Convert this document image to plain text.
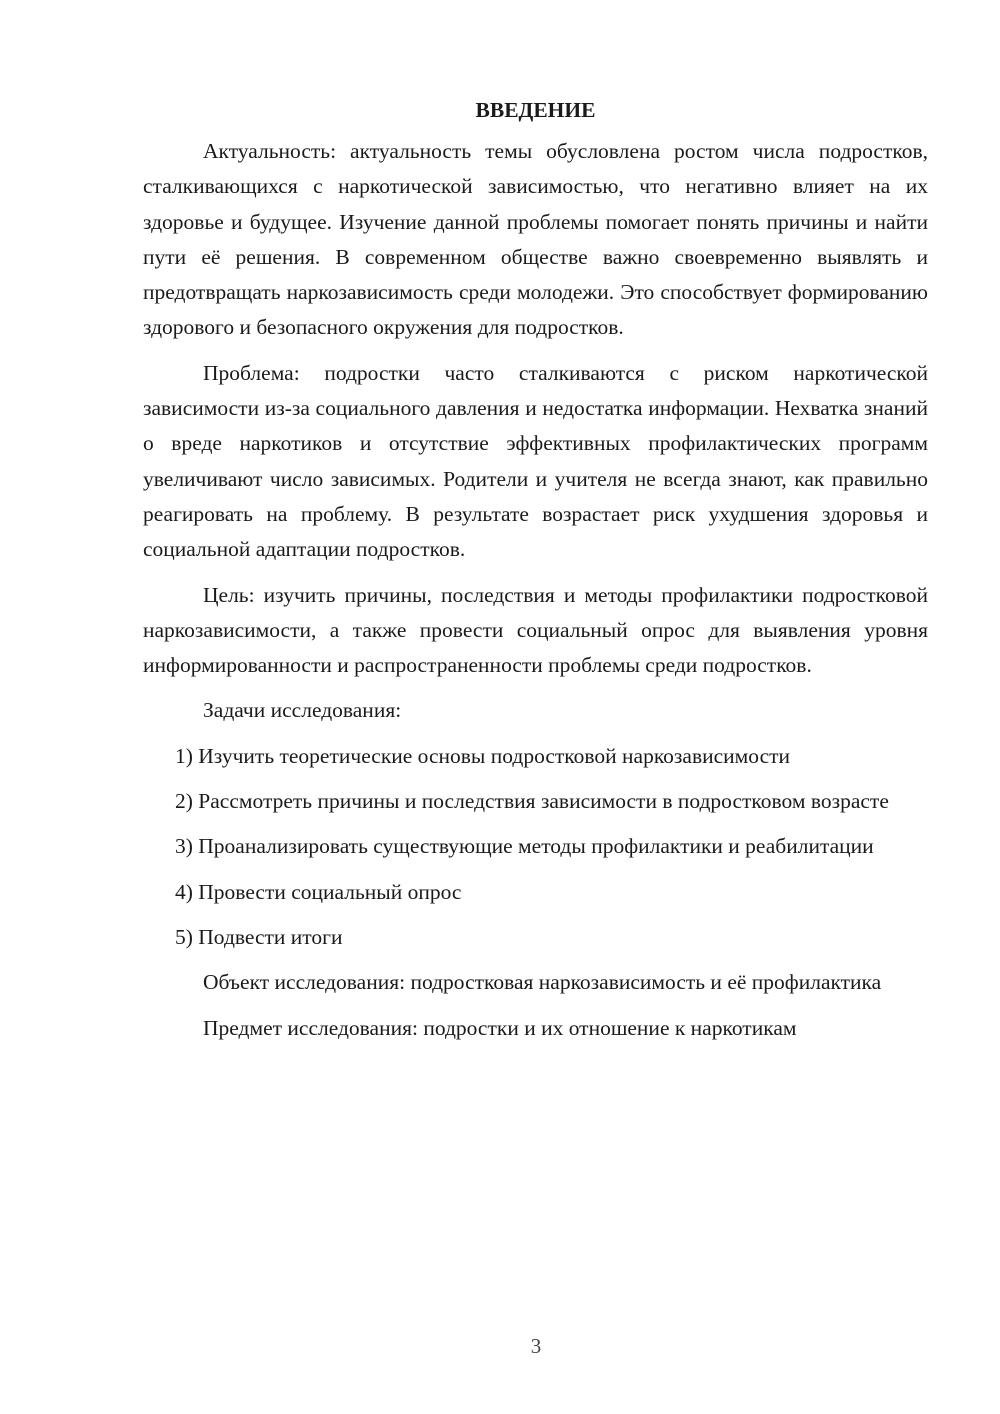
ВВЕДЕНИЕ

Актуальность: актуальность темы обусловлена ростом числа подростков, сталкивающихся с наркотической зависимостью, что негативно влияет на их здоровье и будущее. Изучение данной проблемы помогает понять причины и найти пути её решения. В современном обществе важно своевременно выявлять и предотвращать наркозависимость среди молодежи. Это способствует формированию здорового и безопасного окружения для подростков.

Проблема: подростки часто сталкиваются с риском наркотической зависимости из-за социального давления и недостатка информации. Нехватка знаний о вреде наркотиков и отсутствие эффективных профилактических программ увеличивают число зависимых. Родители и учителя не всегда знают, как правильно реагировать на проблему. В результате возрастает риск ухудшения здоровья и социальной адаптации подростков.

Цель: изучить причины, последствия и методы профилактики подростковой наркозависимости, а также провести социальный опрос для выявления уровня информированности и распространенности проблемы среди подростков.

Задачи исследования:

1) Изучить теоретические основы подростковой наркозависимости

2) Рассмотреть причины и последствия зависимости в подростковом возрасте

3) Проанализировать существующие методы профилактики и реабилитации

4) Провести социальный опрос

5) Подвести итоги

Объект исследования: подростковая наркозависимость и её профилактика

Предмет исследования: подростки и их отношение к наркотикам

3
